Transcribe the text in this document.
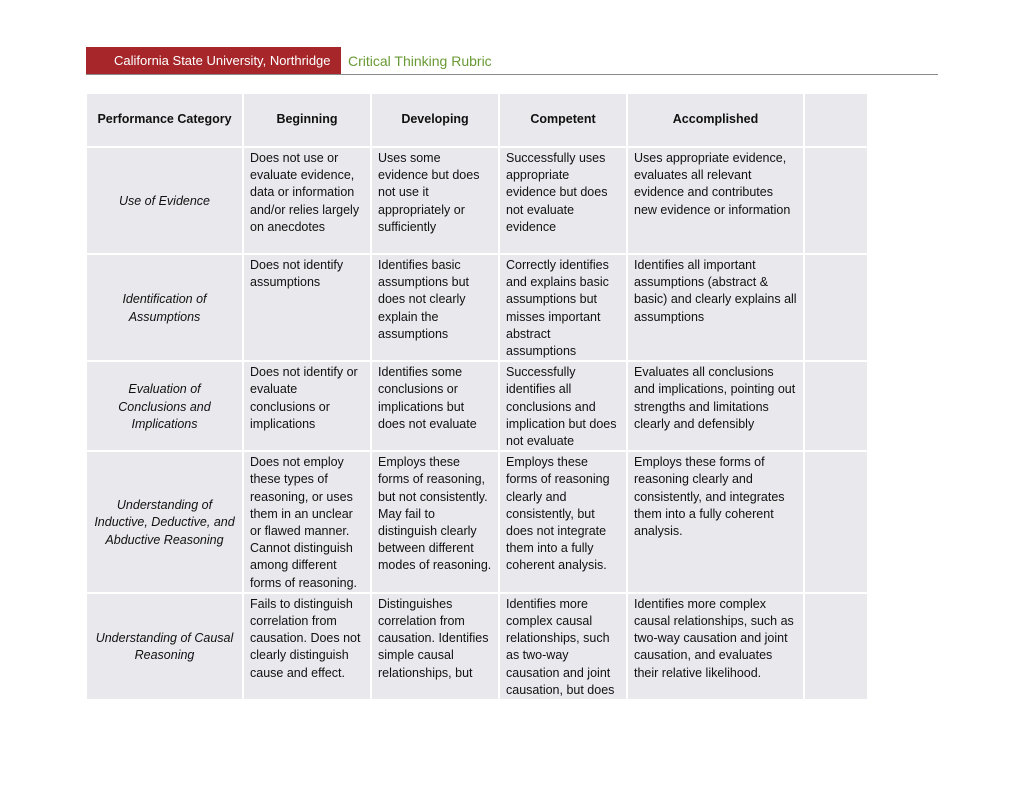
California State University, Northridge	Critical Thinking Rubric
Performance Category	Beginning	Developing	Competent	Accomplished	
Use of Evidence	Does not use or evaluate evidence, data or information and/or relies largely on anecdotes	Uses some evidence but does not use it appropriately or sufficiently	Successfully uses appropriate evidence but does not evaluate evidence	Uses appropriate evidence, evaluates all relevant evidence and contributes new evidence or information	
Identification of Assumptions	Does not identify assumptions	Identifies basic assumptions but does not clearly explain the assumptions	Correctly identifies and explains basic assumptions but misses important abstract assumptions	Identifies all important assumptions (abstract & basic) and clearly explains all assumptions	
Evaluation of Conclusions and Implications	Does not identify or evaluate conclusions or implications	Identifies some conclusions or implications but does not evaluate	Successfully identifies all conclusions and implication but does not evaluate	Evaluates all conclusions and implications, pointing out strengths and limitations clearly and defensibly	
Understanding of Inductive, Deductive, and Abductive Reasoning	Does not employ these types of reasoning, or uses them in an unclear or flawed manner. Cannot distinguish among different forms of reasoning.	Employs these forms of reasoning, but not consistently. May fail to distinguish clearly between different modes of reasoning.	Employs these forms of reasoning clearly and consistently, but does not integrate them into a fully coherent analysis.	Employs these forms of reasoning clearly and consistently, and integrates them into a fully coherent analysis.	
Understanding of Causal Reasoning	Fails to distinguish correlation from causation. Does not clearly distinguish cause and effect.	Distinguishes correlation from causation. Identifies simple causal relationships, but	Identifies more complex causal relationships, such as two-way causation and joint causation, but does	Identifies more complex causal relationships, such as two-way causation and joint causation, and evaluates their relative likelihood.	
